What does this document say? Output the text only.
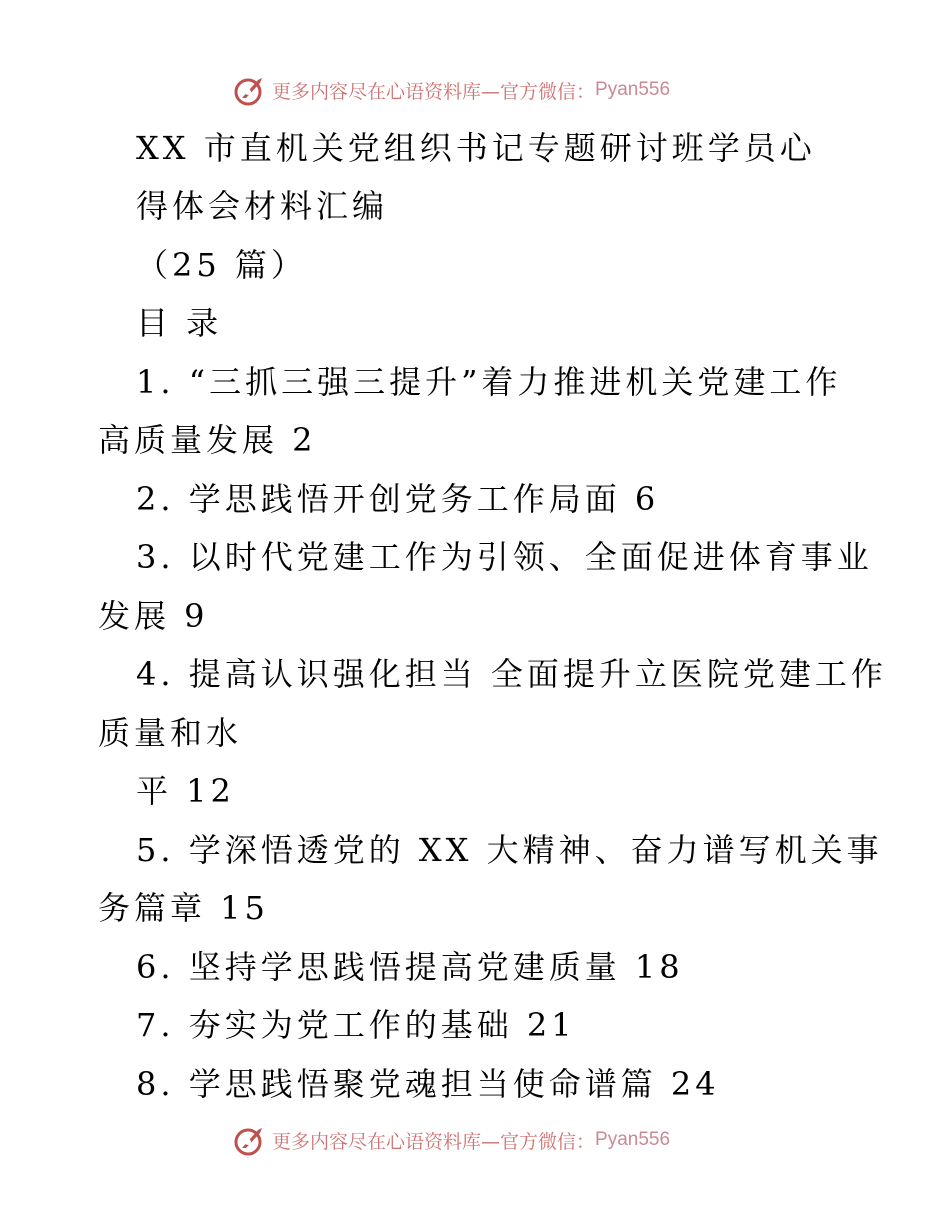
更多内容尽在心语资料库— 官方微信： Pyan556
XX 市直机关党组织书记专题研讨班学员心
得体会材料汇编
（25 篇）
目 录
1. “三抓三强三提升”着力推进机关党建工作
高质量发展 2
2. 学思践悟开创党务工作局面 6
3. 以时代党建工作为引领、全面促进体育事业
发展 9
4. 提高认识强化担当 全面提升立医院党建工作
质量和水
平 12
5. 学深悟透党的 XX 大精神、奋力谱写机关事
务篇章 15
6. 坚持学思践悟提高党建质量 18
7. 夯实为党工作的基础 21
8. 学思践悟聚党魂担当使命谱篇 24
更多内容尽在心语资料库— 官方微信： Pyan556
